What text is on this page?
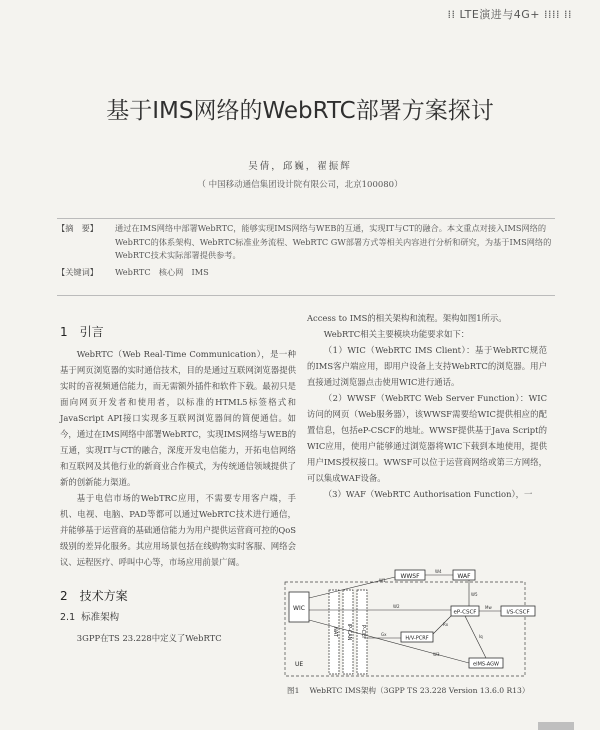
⁞⁞ LTE演进与4G+ ⁞⁞⁞⁞ ⁞⁞
基于IMS网络的WebRTC部署方案探讨
吴倩，邱巍，翟振辉
（ 中国移动通信集团设计院有限公司，北京100080）
【摘　要】	通过在IMS网络中部署WebRTC，能够实现IMS网络与WEB的互通，实现IT与CT的融合。本文重点对接入IMS网络的WebRTC的体系架构、WebRTC标准业务流程、WebRTC GW部署方式等相关内容进行分析和研究，为基于IMS网络的WebRTC技术实际部署提供参考。
【关键词】	WebRTC　核心网　IMS
1 引言

WebRTC（Web Real-Time Communication），是一种基于网页浏览器的实时通信技术，目的是通过互联网浏览器提供实时的音视频通信能力，而无需额外插件和软件下载。最初只是面向网页开发者和使用者，以标准的HTML5标签格式和JavaScript API接口实现多互联网浏览器间的简便通信。如今，通过在IMS网络中部署WebRTC，实现IMS网络与WEB的互通，实现IT与CT的融合，深度开发电信能力，开拓电信网络和互联网及其他行业的新商业合作模式，为传统通信领域提供了新的创新能力渠道。

基于电信市场的WebTRC应用，不需要专用客户端，手机、电视、电脑、PAD等都可以通过WebRTC技术进行通信，并能够基于运营商的基础通信能力为用户提供运营商可控的QoS级别的差异化服务。其应用场景包括在线购物实时客服、网络会议、远程医疗、呼叫中心等，市场应用前景广阔。

2 技术方案
2.1 标准架构

3GPP在TS 23.228中定义了WebRTC

Access to IMS的相关架构和流程。架构如图1所示。

WebRTC相关主要模块功能要求如下：

（1）WIC（WebRTC IMS Client）：基于WebRTC规范的IMS客户端应用，即用户设备上支持WebRTC的浏览器。用户直接通过浏览器点击使用WIC进行通话。

（2）WWSF（WebRTC Web Server Function）：WIC访问的网页（Web服务器），该WWSF需要给WIC提供相应的配置信息，包括eP-CSCF的地址。WWSF提供基于Java Script的WIC应用，使用户能够通过浏览器将WIC下载到本地使用，提供用户IMS授权接口。WWSF可以位于运营商网络或第三方网络，可以集成WAF设备。

（3）WAF（WebRTC Authorisation Function），一

WIC
UE
NAT IP-CAN P-CEF
WWSF	WAF
W4
eP-CSCF	I/S-CSCF
Mw
H/V-PCRF
eIMS-AGW
W1
W2
W3
W5
Iq
Rx
Gx
图1 WebRTC IMS架构（3GPP TS 23.228 Version 13.6.0 R13）
